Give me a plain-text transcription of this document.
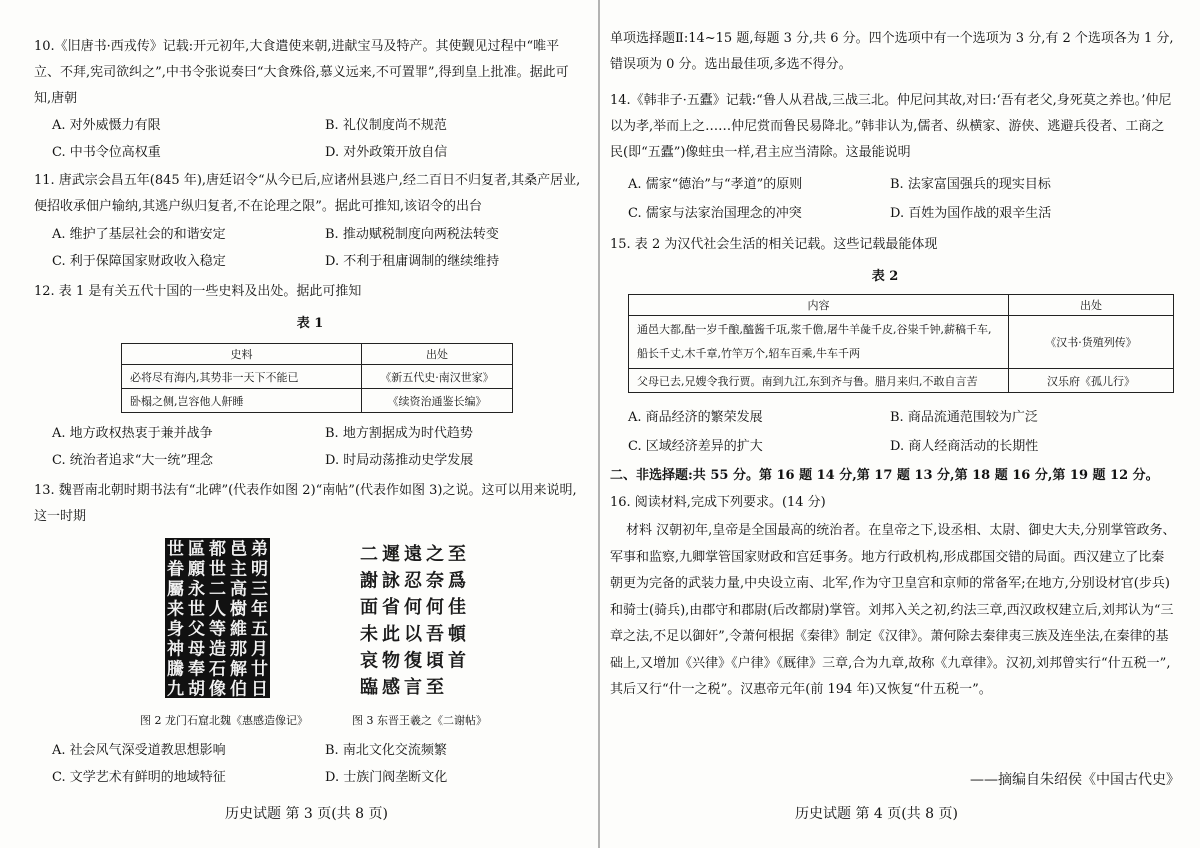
10.《旧唐书·西戎传》记载:开元初年,大食遣使来朝,进献宝马及特产。其使觐见过程中“唯平立、不拜,宪司欲纠之”,中书令张说奏曰“大食殊俗,慕义远来,不可置罪”,得到皇上批准。据此可知,唐朝
A. 对外威慑力有限	B. 礼仪制度尚不规范
C. 中书令位高权重	D. 对外政策开放自信
11. 唐武宗会昌五年(845 年),唐廷诏令“从今已后,应诸州县逃户,经二百日不归复者,其桑产居业,便招收承佃户输纳,其逃户纵归复者,不在论理之限”。据此可推知,该诏令的出台
A. 维护了基层社会的和谐安定	B. 推动赋税制度向两税法转变
C. 利于保障国家财政收入稳定	D. 不利于租庸调制的继续维持
12. 表 1 是有关五代十国的一些史料及出处。据此可推知
表 1
史料	出处
必将尽有海内,其势非一天下不能已	《新五代史·南汉世家》
卧榻之侧,岂容他人鼾睡	《续资治通鉴长编》
A. 地方政权热衷于兼并战争	B. 地方割据成为时代趋势
C. 统治者追求“大一统”理念	D. 时局动荡推动史学发展
13. 魏晋南北朝时期书法有“北碑”(代表作如图 2)“南帖”(代表作如图 3)之说。这可以用来说明,这一时期
世
眷
屬
来
身
神
騰
九
區
願
永
世
父
母
奉
胡
都
世
二
人
等
造
石
像
邑
主
高
樹
維
那
解
伯
弟
明
三
年
五
月
廿
日
二
謝
面
未
哀
臨
遲
詠
省
此
物
感
遠
忍
何
以
復
言
之
奈
何
吾
頃
至
至
爲
佳
頓
首
图 2 龙门石窟北魏《惠感造像记》	图 3 东晋王羲之《二谢帖》
A. 社会风气深受道教思想影响	B. 南北文化交流频繁
C. 文学艺术有鲜明的地域特征	D. 士族门阀垄断文化
历史试题 第 3 页(共 8 页)
单项选择题Ⅱ:14~15 题,每题 3 分,共 6 分。四个选项中有一个选项为 3 分,有 2 个选项各为 1 分,错误项为 0 分。选出最佳项,多选不得分。
14.《韩非子·五蠹》记载:“鲁人从君战,三战三北。仲尼问其故,对曰:‘吾有老父,身死莫之养也。’仲尼以为孝,举而上之……仲尼赏而鲁民易降北。”韩非认为,儒者、纵横家、游侠、逃避兵役者、工商之民(即“五蠹”)像蛀虫一样,君主应当清除。这最能说明
A. 儒家“德治”与“孝道”的原则	B. 法家富国强兵的现实目标
C. 儒家与法家治国理念的冲突	D. 百姓为国作战的艰辛生活
15. 表 2 为汉代社会生活的相关记载。这些记载最能体现
表 2
内容	出处
通邑大都,酤一岁千酿,醯酱千瓨,浆千儋,屠牛羊彘千皮,谷粜千钟,薪稿千车,船长千丈,木千章,竹竿万个,轺车百乘,牛车千两	《汉书·货殖列传》
父母已去,兄嫂令我行贾。南到九江,东到齐与鲁。腊月来归,不敢自言苦	汉乐府《孤儿行》
A. 商品经济的繁荣发展	B. 商品流通范围较为广泛
C. 区域经济差异的扩大	D. 商人经商活动的长期性
二、非选择题:共 55 分。第 16 题 14 分,第 17 题 13 分,第 18 题 16 分,第 19 题 12 分。
16. 阅读材料,完成下列要求。(14 分)
材料 汉朝初年,皇帝是全国最高的统治者。在皇帝之下,设丞相、太尉、御史大夫,分别掌管政务、军事和监察,九卿掌管国家财政和宫廷事务。地方行政机构,形成郡国交错的局面。西汉建立了比秦朝更为完备的武装力量,中央设立南、北军,作为守卫皇宫和京师的常备军;在地方,分别设材官(步兵)和骑士(骑兵),由郡守和郡尉(后改都尉)掌管。刘邦入关之初,约法三章,西汉政权建立后,刘邦认为“三章之法,不足以御奸”,令萧何根据《秦律》制定《汉律》。萧何除去秦律夷三族及连坐法,在秦律的基础上,又增加《兴律》《户律》《厩律》三章,合为九章,故称《九章律》。汉初,刘邦曾实行“什五税一”,其后又行“什一之税”。汉惠帝元年(前 194 年)又恢复“什五税一”。
——摘编自朱绍侯《中国古代史》
历史试题 第 4 页(共 8 页)
